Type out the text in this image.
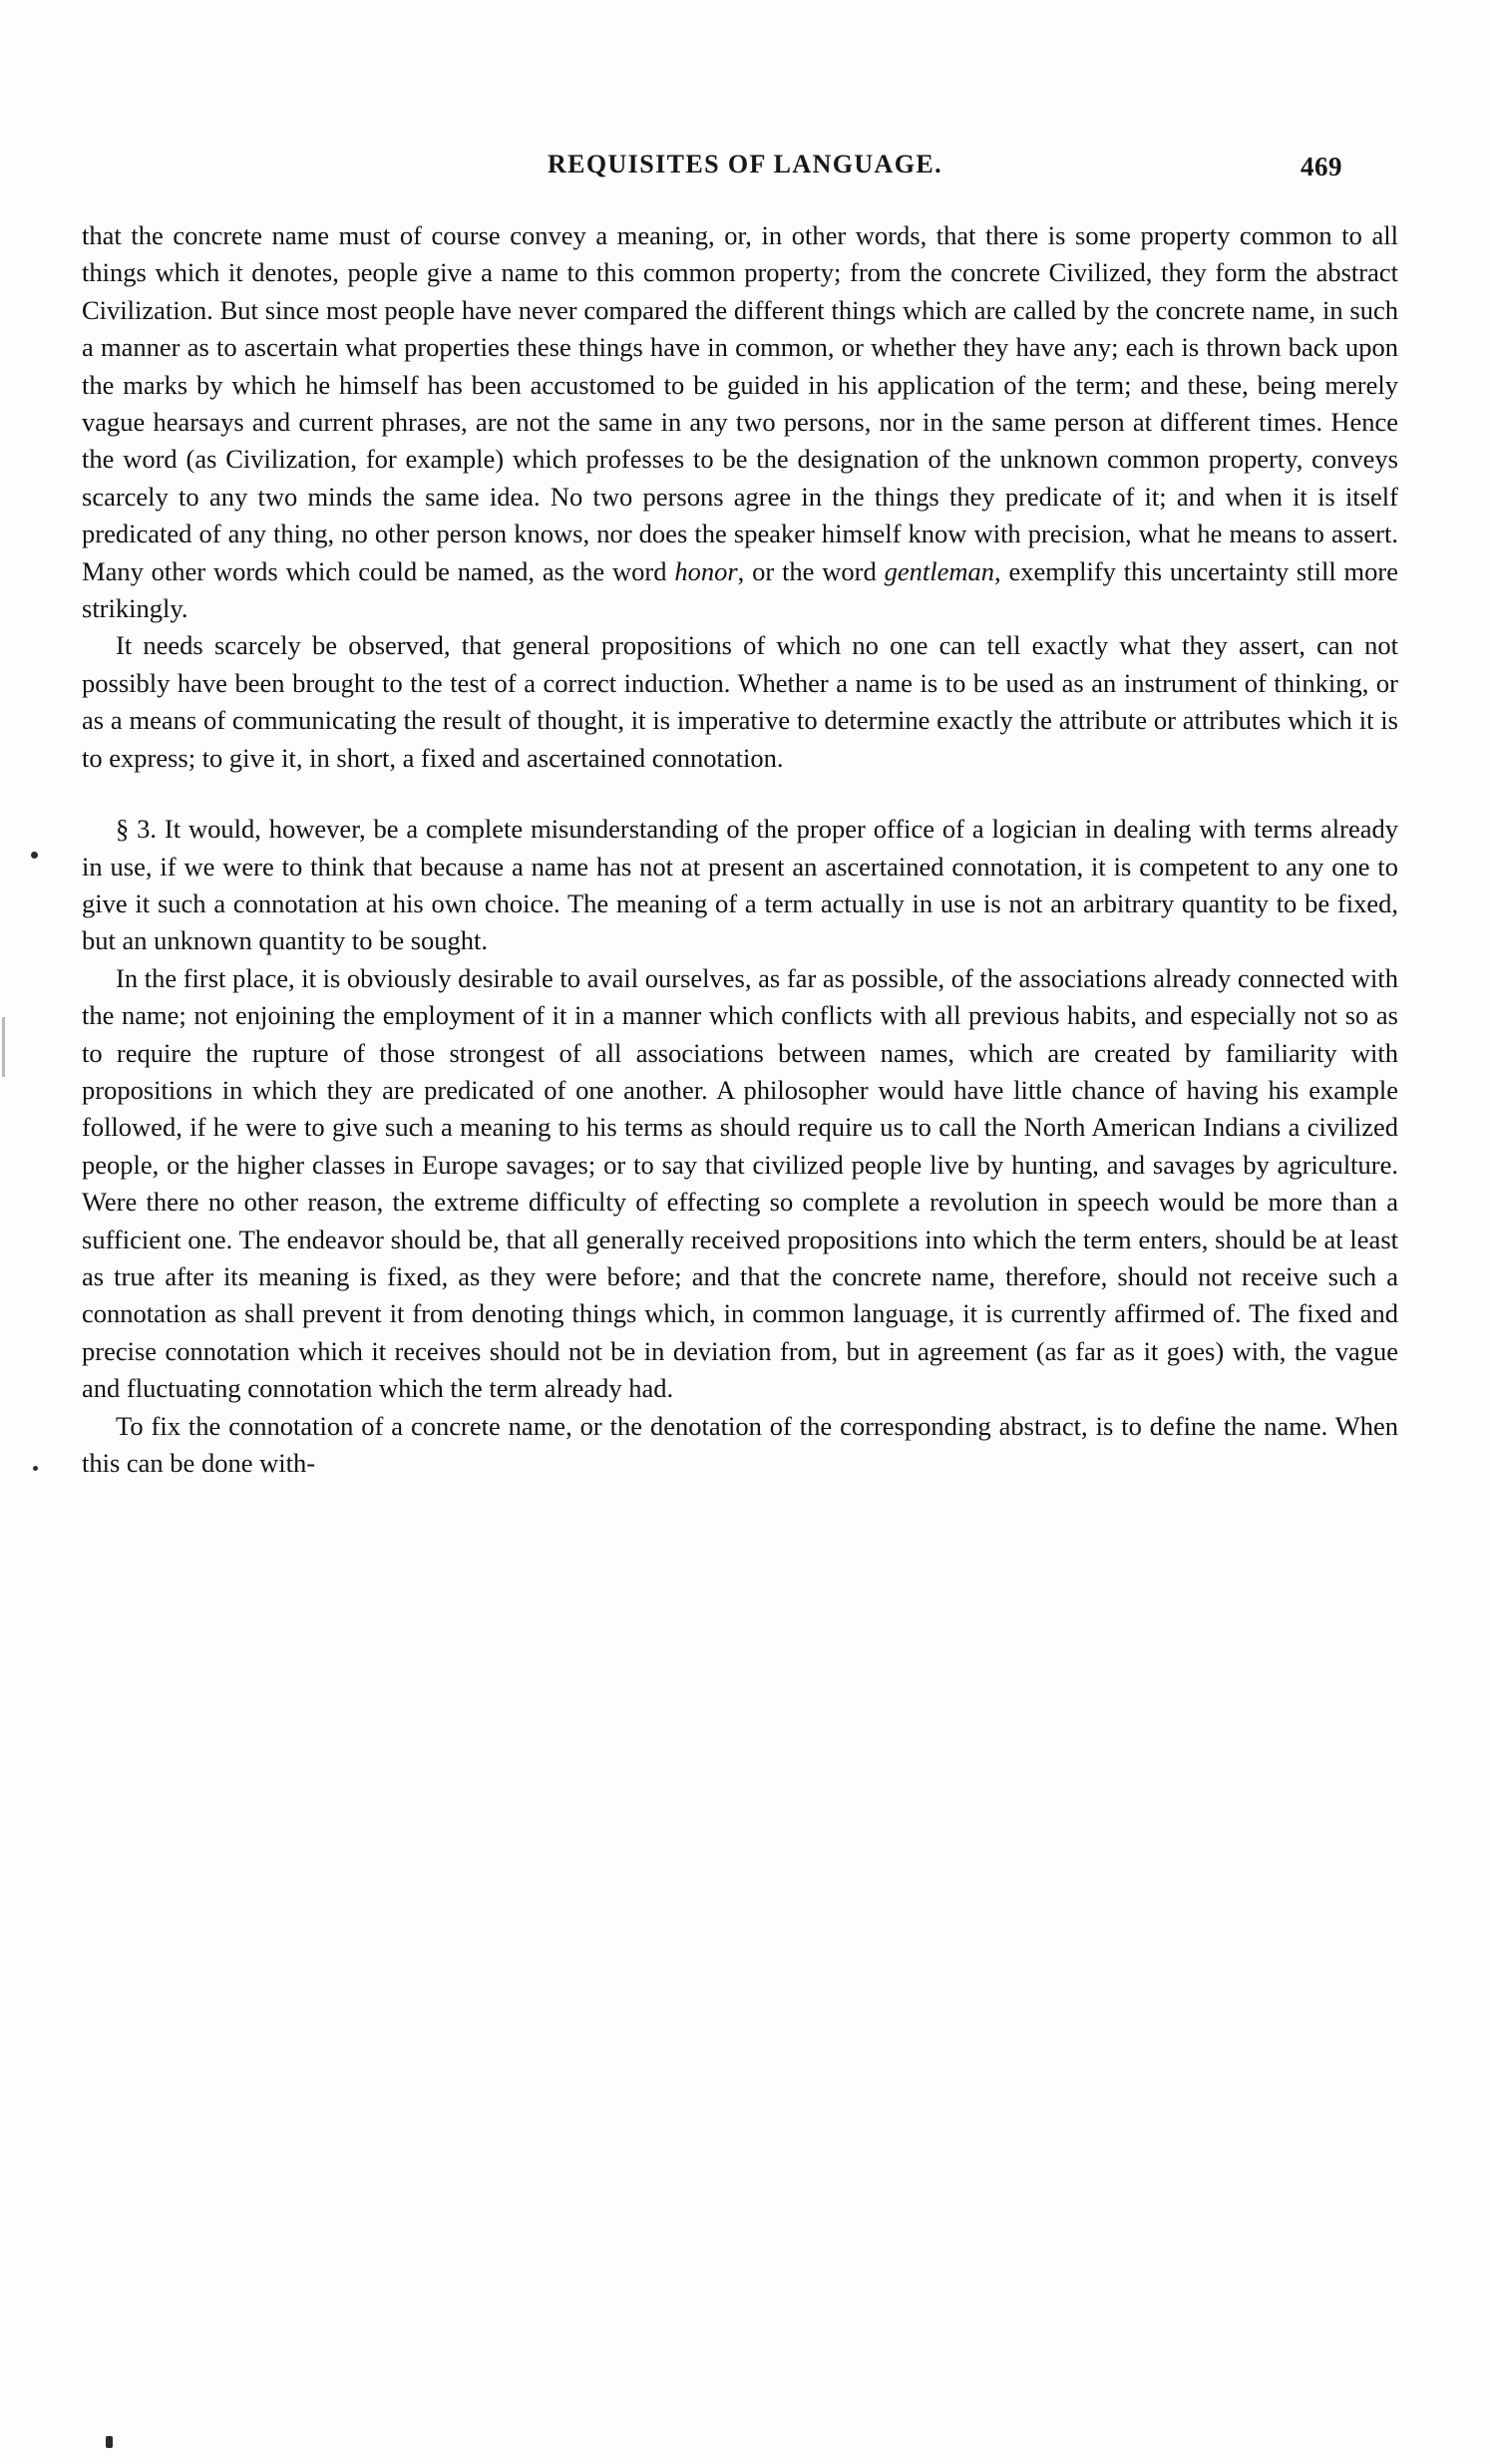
REQUISITES OF LANGUAGE.	469

that the concrete name must of course convey a meaning, or, in other words, that there is some property common to all things which it denotes, people give a name to this common property; from the concrete Civilized, they form the abstract Civilization. But since most people have never compared the different things which are called by the concrete name, in such a manner as to ascertain what properties these things have in common, or whether they have any; each is thrown back upon the marks by which he himself has been accustomed to be guided in his application of the term; and these, being merely vague hearsays and current phrases, are not the same in any two persons, nor in the same person at different times. Hence the word (as Civilization, for example) which professes to be the designation of the unknown common property, conveys scarcely to any two minds the same idea. No two persons agree in the things they predicate of it; and when it is itself predicated of any thing, no other person knows, nor does the speaker himself know with precision, what he means to assert. Many other words which could be named, as the word honor, or the word gentleman, exemplify this uncertainty still more strikingly.

It needs scarcely be observed, that general propositions of which no one can tell exactly what they assert, can not possibly have been brought to the test of a correct induction. Whether a name is to be used as an instrument of thinking, or as a means of communicating the result of thought, it is imperative to determine exactly the attribute or attributes which it is to express; to give it, in short, a fixed and ascertained connotation.

§ 3. It would, however, be a complete misunderstanding of the proper office of a logician in dealing with terms already in use, if we were to think that because a name has not at present an ascertained connotation, it is competent to any one to give it such a connotation at his own choice. The meaning of a term actually in use is not an arbitrary quantity to be fixed, but an unknown quantity to be sought.

In the first place, it is obviously desirable to avail ourselves, as far as possible, of the associations already connected with the name; not enjoining the employment of it in a manner which conflicts with all previous habits, and especially not so as to require the rupture of those strongest of all associations between names, which are created by familiarity with propositions in which they are predicated of one another. A philosopher would have little chance of having his example followed, if he were to give such a meaning to his terms as should require us to call the North American Indians a civilized people, or the higher classes in Europe savages; or to say that civilized people live by hunting, and savages by agriculture. Were there no other reason, the extreme difficulty of effecting so complete a revolution in speech would be more than a sufficient one. The endeavor should be, that all generally received propositions into which the term enters, should be at least as true after its meaning is fixed, as they were before; and that the concrete name, therefore, should not receive such a connotation as shall prevent it from denoting things which, in common language, it is currently affirmed of. The fixed and precise connotation which it receives should not be in deviation from, but in agreement (as far as it goes) with, the vague and fluctuating connotation which the term already had.

To fix the connotation of a concrete name, or the denotation of the corresponding abstract, is to define the name. When this can be done with-
